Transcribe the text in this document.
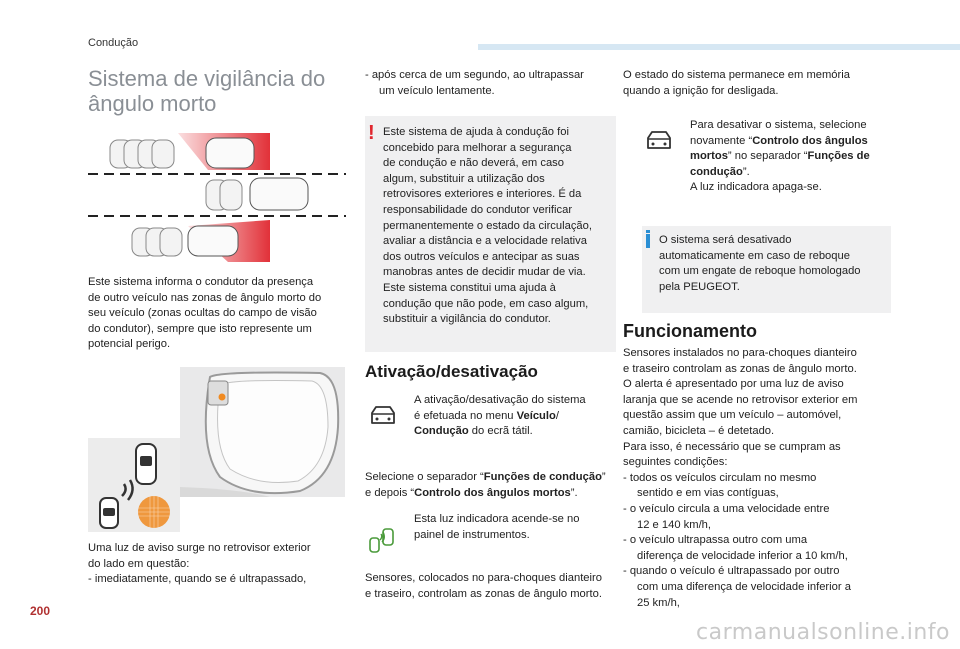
Condução
Sistema de vigilância do
ângulo morto
Este sistema informa o condutor da presença
de outro veículo nas zonas de ângulo morto do
seu veículo (zonas ocultas do campo de visão
do condutor), sempre que isto represente um
potencial perigo.
Uma luz de aviso surge no retrovisor exterior
do lado em questão:
- imediatamente, quando se é ultrapassado,
- após cerca de um segundo, ao ultrapassar
um veículo lentamente.
! Este sistema de ajuda à condução foi
concebido para melhorar a segurança
de condução e não deverá, em caso
algum, substituir a utilização dos
retrovisores exteriores e interiores. É da
responsabilidade do condutor verificar
permanentemente o estado da circulação,
avaliar a distância e a velocidade relativa
dos outros veículos e antecipar as suas
manobras antes de decidir mudar de via.
Este sistema constitui uma ajuda à
condução que não pode, em caso algum,
substituir a vigilância do condutor.
Ativação/desativação
A ativação/desativação do sistema
é efetuada no menu Veículo/
Condução do ecrã tátil.
Selecione o separador “Funções de condução”
e depois “Controlo dos ângulos mortos”.
Esta luz indicadora acende-se no
painel de instrumentos.
Sensores, colocados no para-choques dianteiro
e traseiro, controlam as zonas de ângulo morto.
O estado do sistema permanece em memória
quando a ignição for desligada.
Para desativar o sistema, selecione
novamente “Controlo dos ângulos
mortos” no separador “Funções de
condução”.
A luz indicadora apaga-se.
O sistema será desativado
automaticamente em caso de reboque
com um engate de reboque homologado
pela PEUGEOT.
Funcionamento
Sensores instalados no para-choques dianteiro
e traseiro controlam as zonas de ângulo morto.
O alerta é apresentado por uma luz de aviso
laranja que se acende no retrovisor exterior em
questão assim que um veículo – automóvel,
camião, bicicleta – é detetado.
Para isso, é necessário que se cumpram as
seguintes condições:
- todos os veículos circulam no mesmo
sentido e em vias contíguas,
- o veículo circula a uma velocidade entre
12 e 140 km/h,
- o veículo ultrapassa outro com uma
diferença de velocidade inferior a 10 km/h,
- quando o veículo é ultrapassado por outro
com uma diferença de velocidade inferior a
25 km/h,
200
carmanualsonline.info
